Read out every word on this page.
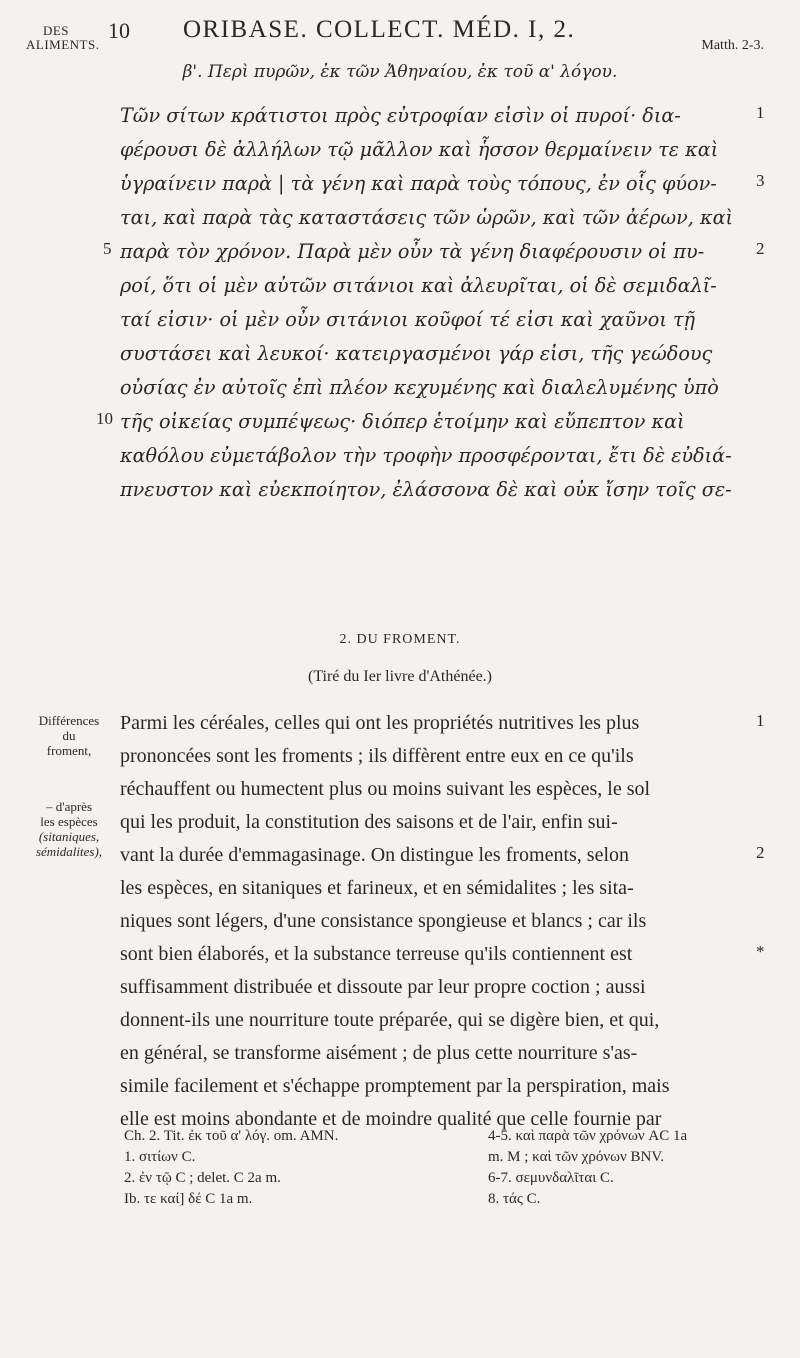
DES
ALIMENTS.
10 ORIBASE. COLLECT. MÉD. I, 2.
Matth. 2-3.
β'. Περὶ πυρῶν, ἐκ τῶν Ἀθηναίου, ἐκ τοῦ α' λόγου.
Τῶν σίτων κράτιστοι πρὸς εὐτροφίαν εἰσὶν οἱ πυροί· δια-	1
φέρουσι δὲ ἀλλήλων τῷ μᾶλλον καὶ ἧσσον θερμαίνειν τε καὶ
ὑγραίνειν παρὰ | τὰ γένη καὶ παρὰ τοὺς τόπους, ἐν οἷς φύον-	3
ται, καὶ παρὰ τὰς καταστάσεις τῶν ὡρῶν, καὶ τῶν ἀέρων, καὶ
παρὰ τὸν χρόνον. Παρὰ μὲν οὖν τὰ γένη διαφέρουσιν οἱ πυ-
5	2
ροί, ὅτι οἱ μὲν αὐτῶν σιτάνιοι καὶ ἀλευρῖται, οἱ δὲ σεμιδαλῖ-
ταί εἰσιν· οἱ μὲν οὖν σιτάνιοι κοῦφοί τέ εἰσι καὶ χαῦνοι τῇ
συστάσει καὶ λευκοί· κατειργασμένοι γάρ εἰσι, τῆς γεώδους
οὐσίας ἐν αὐτοῖς ἐπὶ πλέον κεχυμένης καὶ διαλελυμένης ὑπὸ
τῆς οἰκείας συμπέψεως· διόπερ ἑτοίμην καὶ εὔπεπτον καὶ
10
καθόλου εὐμετάβολον τὴν τροφὴν προσφέρονται, ἔτι δὲ εὐδιά-
πνευστον καὶ εὐεκποίητον, ἐλάσσονα δὲ καὶ οὐκ ἴσην τοῖς σε-
2. DU FROMENT.
(Tiré du Ier livre d'Athénée.)
Parmi les céréales, celles qui ont les propriétés nutritives les plus	1
prononcées sont les froments ; ils diffèrent entre eux en ce qu'ils
réchauffent ou humectent plus ou moins suivant les espèces, le sol
qui les produit, la constitution des saisons et de l'air, enfin sui-
vant la durée d'emmagasinage. On distingue les froments, selon	2
les espèces, en sitaniques et farineux, et en sémidalites ; les sita-
niques sont légers, d'une consistance spongieuse et blancs ; car ils
sont bien élaborés, et la substance terreuse qu'ils contiennent est	*
suffisamment distribuée et dissoute par leur propre coction ; aussi
donnent-ils une nourriture toute préparée, qui se digère bien, et qui,
en général, se transforme aisément ; de plus cette nourriture s'as-
simile facilement et s'échappe promptement par la perspiration, mais
elle est moins abondante et de moindre qualité que celle fournie par
Différences
du
froment,
– d'après
les espèces
(sitaniques,
sémidalites),
Ch. 2. Tit. ἐκ τοῦ α' λόγ. om. AMN.
1. σιτίων C.
2. ἐν τῷ C ; delet. C 2a m.
Ib. τε καί] δέ C 1a m.
4-5. καὶ παρὰ τῶν χρόνων AC 1a
m. M ; καὶ τῶν χρόνων BNV.
6-7. σεμυνδαλῖται C.
8. τάς C.
